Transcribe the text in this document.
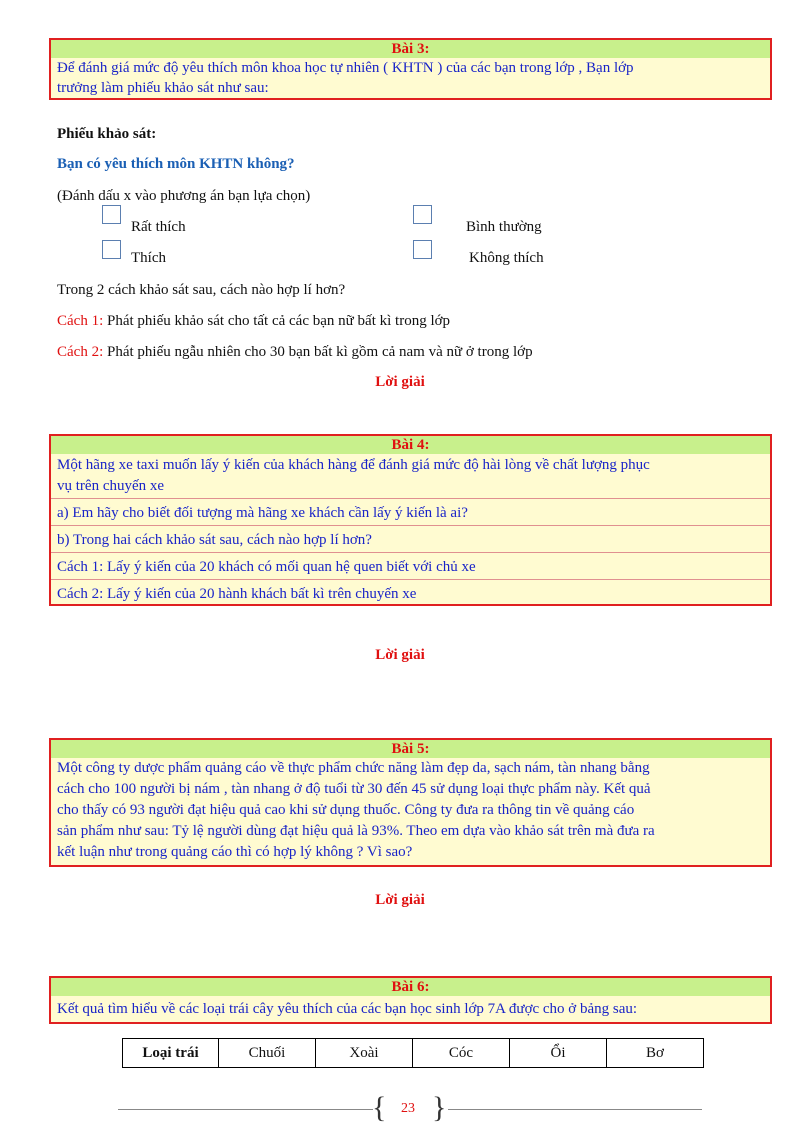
Bài 3:
Để đánh giá mức độ yêu thích môn khoa học tự nhiên ( KHTN ) của các bạn trong lớp , Bạn lớp
trưởng làm phiếu khảo sát như sau:
Phiếu khảo sát:
Bạn có yêu thích môn KHTN không?
(Đánh dấu x vào phương án bạn lựa chọn)
Rất thích	Bình thường
Thích	Không thích
Trong 2 cách khảo sát sau, cách nào hợp lí hơn?
Cách 1: Phát phiếu khảo sát cho tất cả các bạn nữ bất kì trong lớp
Cách 2: Phát phiếu ngẫu nhiên cho 30 bạn bất kì gồm cả nam và nữ ở trong lớp
Lời giải
Bài 4:
Một hãng xe taxi muốn lấy ý kiến của khách hàng để đánh giá mức độ hài lòng về chất lượng phục
vụ trên chuyến xe
a) Em hãy cho biết đối tượng mà hãng xe khách cần lấy ý kiến là ai?
b) Trong hai cách khảo sát sau, cách nào hợp lí hơn?
Cách 1: Lấy ý kiến của 20 khách có mối quan hệ quen biết với chủ xe
Cách 2: Lấy ý kiến của 20 hành khách bất kì trên chuyến xe
Lời giải
Bài 5:
Một công ty dược phẩm quảng cáo về thực phẩm chức năng làm đẹp da, sạch nám, tàn nhang bằng
cách cho 100 người bị nám , tàn nhang ở độ tuổi từ 30 đến 45 sử dụng loại thực phẩm này. Kết quả
cho thấy có 93 người đạt hiệu quả cao khi sử dụng thuốc. Công ty đưa ra thông tin về quảng cáo
sản phẩm như sau: Tỷ lệ người dùng đạt hiệu quả là 93%. Theo em dựa vào khảo sát trên mà đưa ra
kết luận như trong quảng cáo thì có hợp lý không ? Vì sao?
Lời giải
Bài 6:
Kết quả tìm hiểu về các loại trái cây yêu thích của các bạn học sinh lớp 7A được cho ở bảng sau:
Loại trái	Chuối	Xoài	Cóc	Ổi	Bơ
{	23 }
